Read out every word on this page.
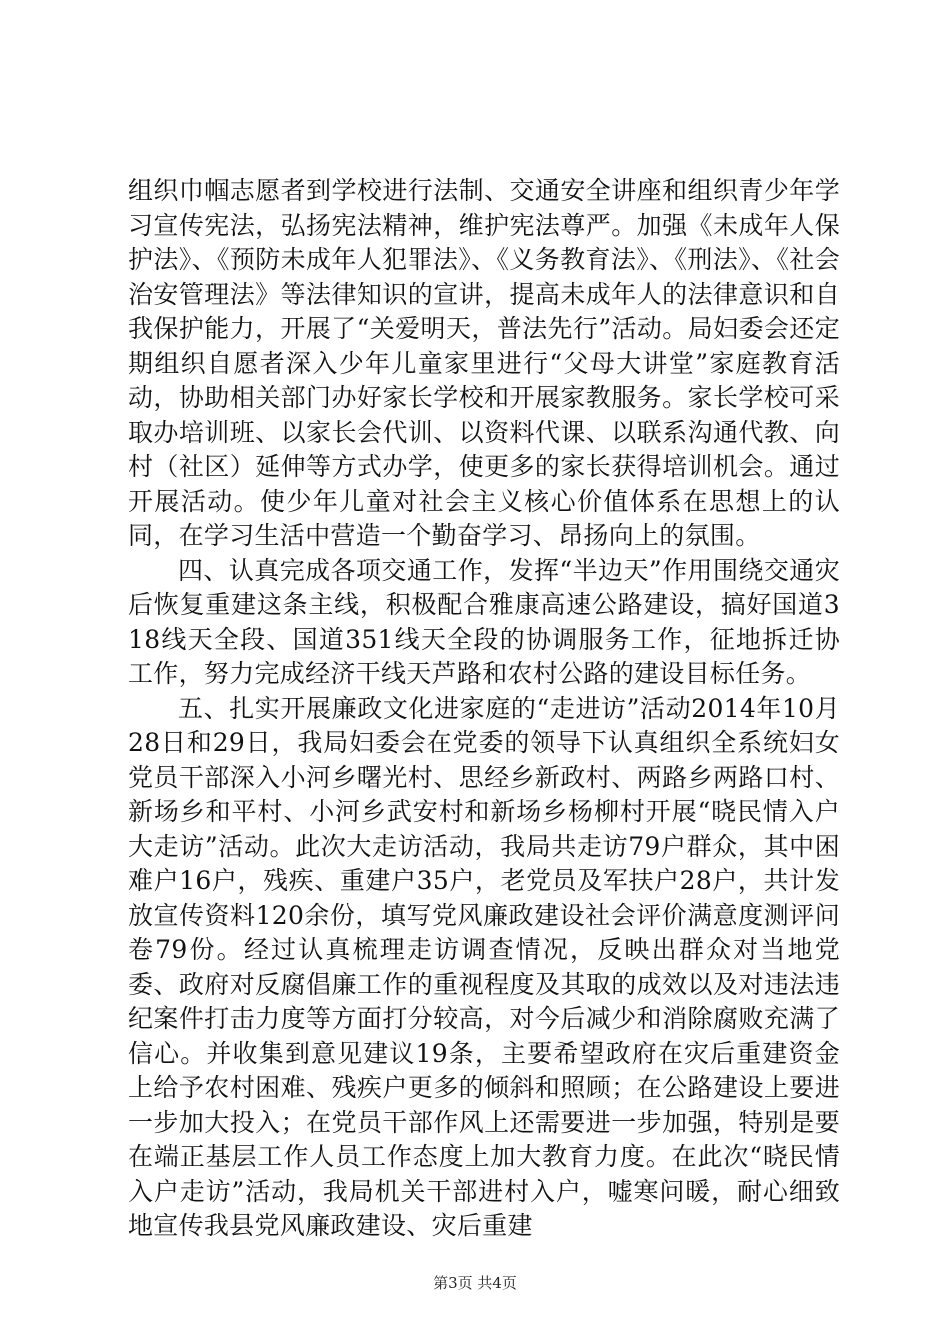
组织巾帼志愿者到学校进行法制、交通安全讲座和组织青少年学习宣传宪法，弘扬宪法精神，维护宪法尊严。加强《未成年人保护法》、《预防未成年人犯罪法》、《义务教育法》、《刑法》、《社会治安管理法》等法律知识的宣讲，提高未成年人的法律意识和自我保护能力，开展了“关爱明天，普法先行”活动。局妇委会还定期组织自愿者深入少年儿童家里进行“父母大讲堂”家庭教育活动，协助相关部门办好家长学校和开展家教服务。家长学校可采取办培训班、以家长会代训、以资料代课、以联系沟通代教、向村（社区）延伸等方式办学，使更多的家长获得培训机会。通过开展活动。使少年儿童对社会主义核心价值体系在思想上的认同，在学习生活中营造一个勤奋学习、昂扬向上的氛围。

四、认真完成各项交通工作，发挥“半边天”作用围绕交通灾后恢复重建这条主线，积极配合雅康高速公路建设，搞好国道318线天全段、国道351线天全段的协调服务工作，征地拆迁协工作，努力完成经济干线天芦路和农村公路的建设目标任务。

五、扎实开展廉政文化进家庭的“走进访”活动2014年10月28日和29日，我局妇委会在党委的领导下认真组织全系统妇女党员干部深入小河乡曙光村、思经乡新政村、两路乡两路口村、新场乡和平村、小河乡武安村和新场乡杨柳村开展“晓民情入户大走访”活动。此次大走访活动，我局共走访79户群众，其中困难户16户，残疾、重建户35户，老党员及军扶户28户，共计发放宣传资料120余份，填写党风廉政建设社会评价满意度测评问卷79份。经过认真梳理走访调查情况，反映出群众对当地党委、政府对反腐倡廉工作的重视程度及其取的成效以及对违法违纪案件打击力度等方面打分较高，对今后减少和消除腐败充满了信心。并收集到意见建议19条，主要希望政府在灾后重建资金上给予农村困难、残疾户更多的倾斜和照顾；在公路建设上要进一步加大投入；在党员干部作风上还需要进一步加强，特别是要在端正基层工作人员工作态度上加大教育力度。在此次“晓民情入户走访”活动，我局机关干部进村入户，嘘寒问暖，耐心细致地宣传我县党风廉政建设、灾后重建

第3页 共4页
